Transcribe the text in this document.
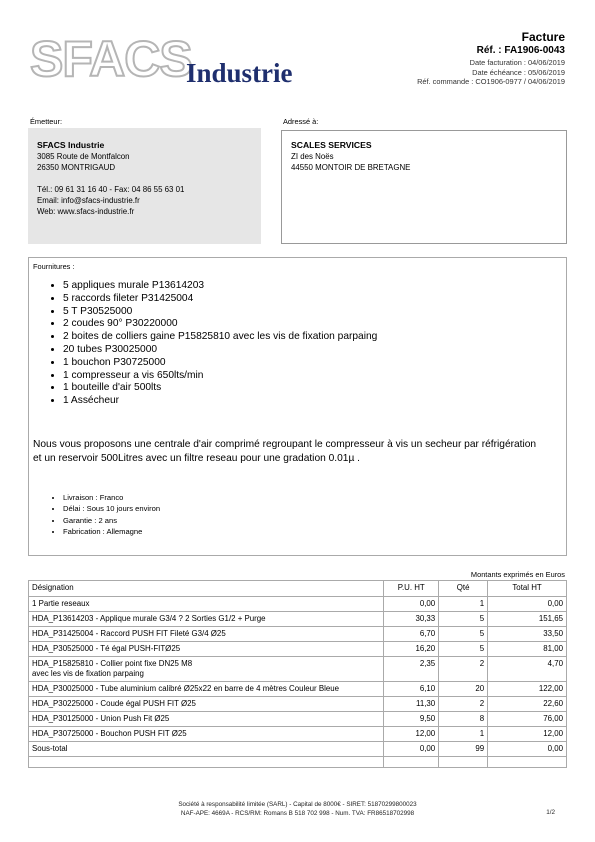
SFACS
Industrie
Facture
Réf. : FA1906-0043
Date facturation : 04/06/2019
Date échéance : 05/06/2019
Réf. commande : CO1906-0977 / 04/06/2019
Émetteur:	Adressé à:
SFACS Industrie
3085 Route de Montfalcon
26350 MONTRIGAUD
Tél.: 09 61 31 16 40 - Fax: 04 86 55 63 01
Email: info@sfacs-industrie.fr
Web: www.sfacs-industrie.fr
SCALES SERVICES
ZI des Noës
44550 MONTOIR DE BRETAGNE
Fournitures :
• 5 appliques murale P13614203
• 5 raccords fileter P31425004
• 5 T P30525000
• 2 coudes 90° P30220000
• 2 boites de colliers gaine P15825810 avec les vis de fixation parpaing
• 20 tubes P30025000
• 1 bouchon P30725000
• 1 compresseur a vis 650lts/min
• 1 bouteille d'air 500lts
• 1 Assécheur

Nous vous proposons une centrale d'air comprimé regroupant le compresseur à vis un secheur par réfrigération et un reservoir 500Litres avec un filtre reseau pour une gradation 0.01µ .

• Livraison : Franco
• Délai : Sous 10 jours environ
• Garantie : 2 ans
• Fabrication : Allemagne
Montants exprimés en Euros
Désignation	P.U. HT	Qté	Total HT

1 Partie reseaux	0,00	1	0,00

HDA_P13614203 - Applique murale G3/4 ? 2 Sorties G1/2 + Purge	30,33	5	151,65

HDA_P31425004 - Raccord PUSH FIT Fileté G3/4 Ø25	6,70	5	33,50

HDA_P30525000 - Té égal PUSH-FITØ25	16,20	5	81,00

HDA_P15825810 - Collier point fixe DN25 M8
avec les vis de fixation parpaing	2,35	2	4,70

HDA_P30025000 - Tube aluminium calibré Ø25x22 en barre de 4 mètres Couleur Bleue	6,10	20	122,00

HDA_P30225000 - Coude égal PUSH FIT Ø25	11,30	2	22,60

HDA_P30125000 - Union Push Fit Ø25	9,50	8	76,00

HDA_P30725000 - Bouchon PUSH FIT Ø25	12,00	1	12,00

Sous-total	0,00	99	0,00

Société à responsabilité limitée (SARL) - Capital de 8000€ - SIRET: 51870299800023
NAF-APE: 4669A - RCS/RM: Romans B 518 702 998 - Num. TVA: FR86518702998	1/2
